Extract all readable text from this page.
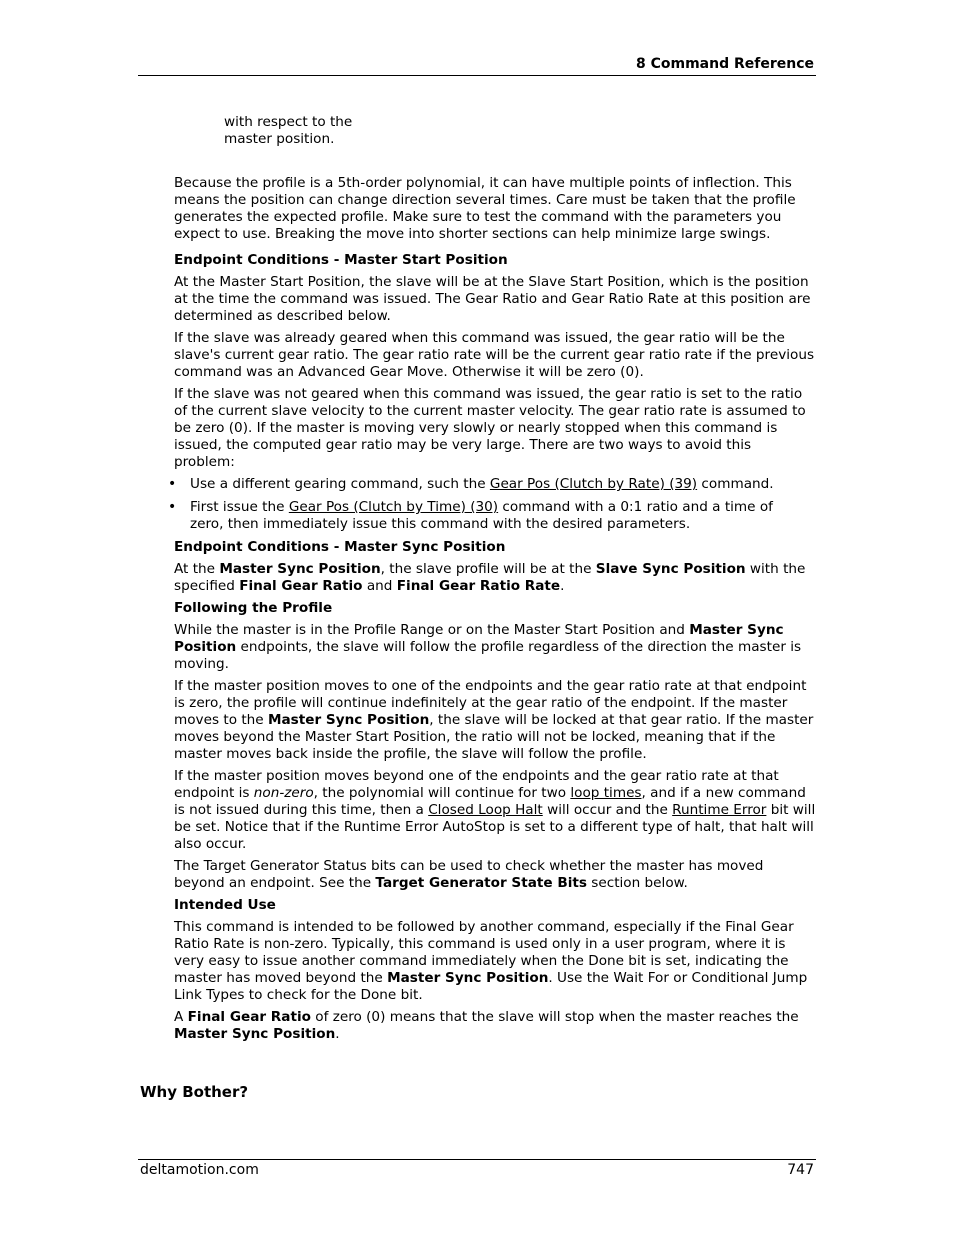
8 Command Reference

with respect to the

master position.

Because the profile is a 5th-order polynomial, it can have multiple points of inflection. This means the position can change direction several times. Care must be taken that the profile generates the expected profile. Make sure to test the command with the parameters you expect to use. Breaking the move into shorter sections can help minimize large swings.

Endpoint Conditions - Master Start Position

At the Master Start Position, the slave will be at the Slave Start Position, which is the position at the time the command was issued. The Gear Ratio and Gear Ratio Rate at this position are determined as described below.

If the slave was already geared when this command was issued, the gear ratio will be the slave's current gear ratio. The gear ratio rate will be the current gear ratio rate if the previous command was an Advanced Gear Move. Otherwise it will be zero (0).

If the slave was not geared when this command was issued, the gear ratio is set to the ratio of the current slave velocity to the current master velocity. The gear ratio rate is assumed to be zero (0). If the master is moving very slowly or nearly stopped when this command is issued, the computed gear ratio may be very large. There are two ways to avoid this problem:

• Use a different gearing command, such the Gear Pos (Clutch by Rate) (39) command.
• First issue the Gear Pos (Clutch by Time) (30) command with a 0:1 ratio and a time of zero, then immediately issue this command with the desired parameters.
Endpoint Conditions - Master Sync Position

At the Master Sync Position, the slave profile will be at the Slave Sync Position with the specified Final Gear Ratio and Final Gear Ratio Rate.

Following the Profile

While the master is in the Profile Range or on the Master Start Position and Master Sync Position endpoints, the slave will follow the profile regardless of the direction the master is moving.

If the master position moves to one of the endpoints and the gear ratio rate at that endpoint is zero, the profile will continue indefinitely at the gear ratio of the endpoint. If the master moves to the Master Sync Position, the slave will be locked at that gear ratio. If the master moves beyond the Master Start Position, the ratio will not be locked, meaning that if the master moves back inside the profile, the slave will follow the profile.

If the master position moves beyond one of the endpoints and the gear ratio rate at that endpoint is non-zero, the polynomial will continue for two loop times, and if a new command is not issued during this time, then a Closed Loop Halt will occur and the Runtime Error bit will be set. Notice that if the Runtime Error AutoStop is set to a different type of halt, that halt will also occur.

The Target Generator Status bits can be used to check whether the master has moved beyond an endpoint. See the Target Generator State Bits section below.

Intended Use

This command is intended to be followed by another command, especially if the Final Gear Ratio Rate is non-zero. Typically, this command is used only in a user program, where it is very easy to issue another command immediately when the Done bit is set, indicating the master has moved beyond the Master Sync Position. Use the Wait For or Conditional Jump Link Types to check for the Done bit.

A Final Gear Ratio of zero (0) means that the slave will stop when the master reaches the Master Sync Position.

Why Bother?
deltamotion.com	747
